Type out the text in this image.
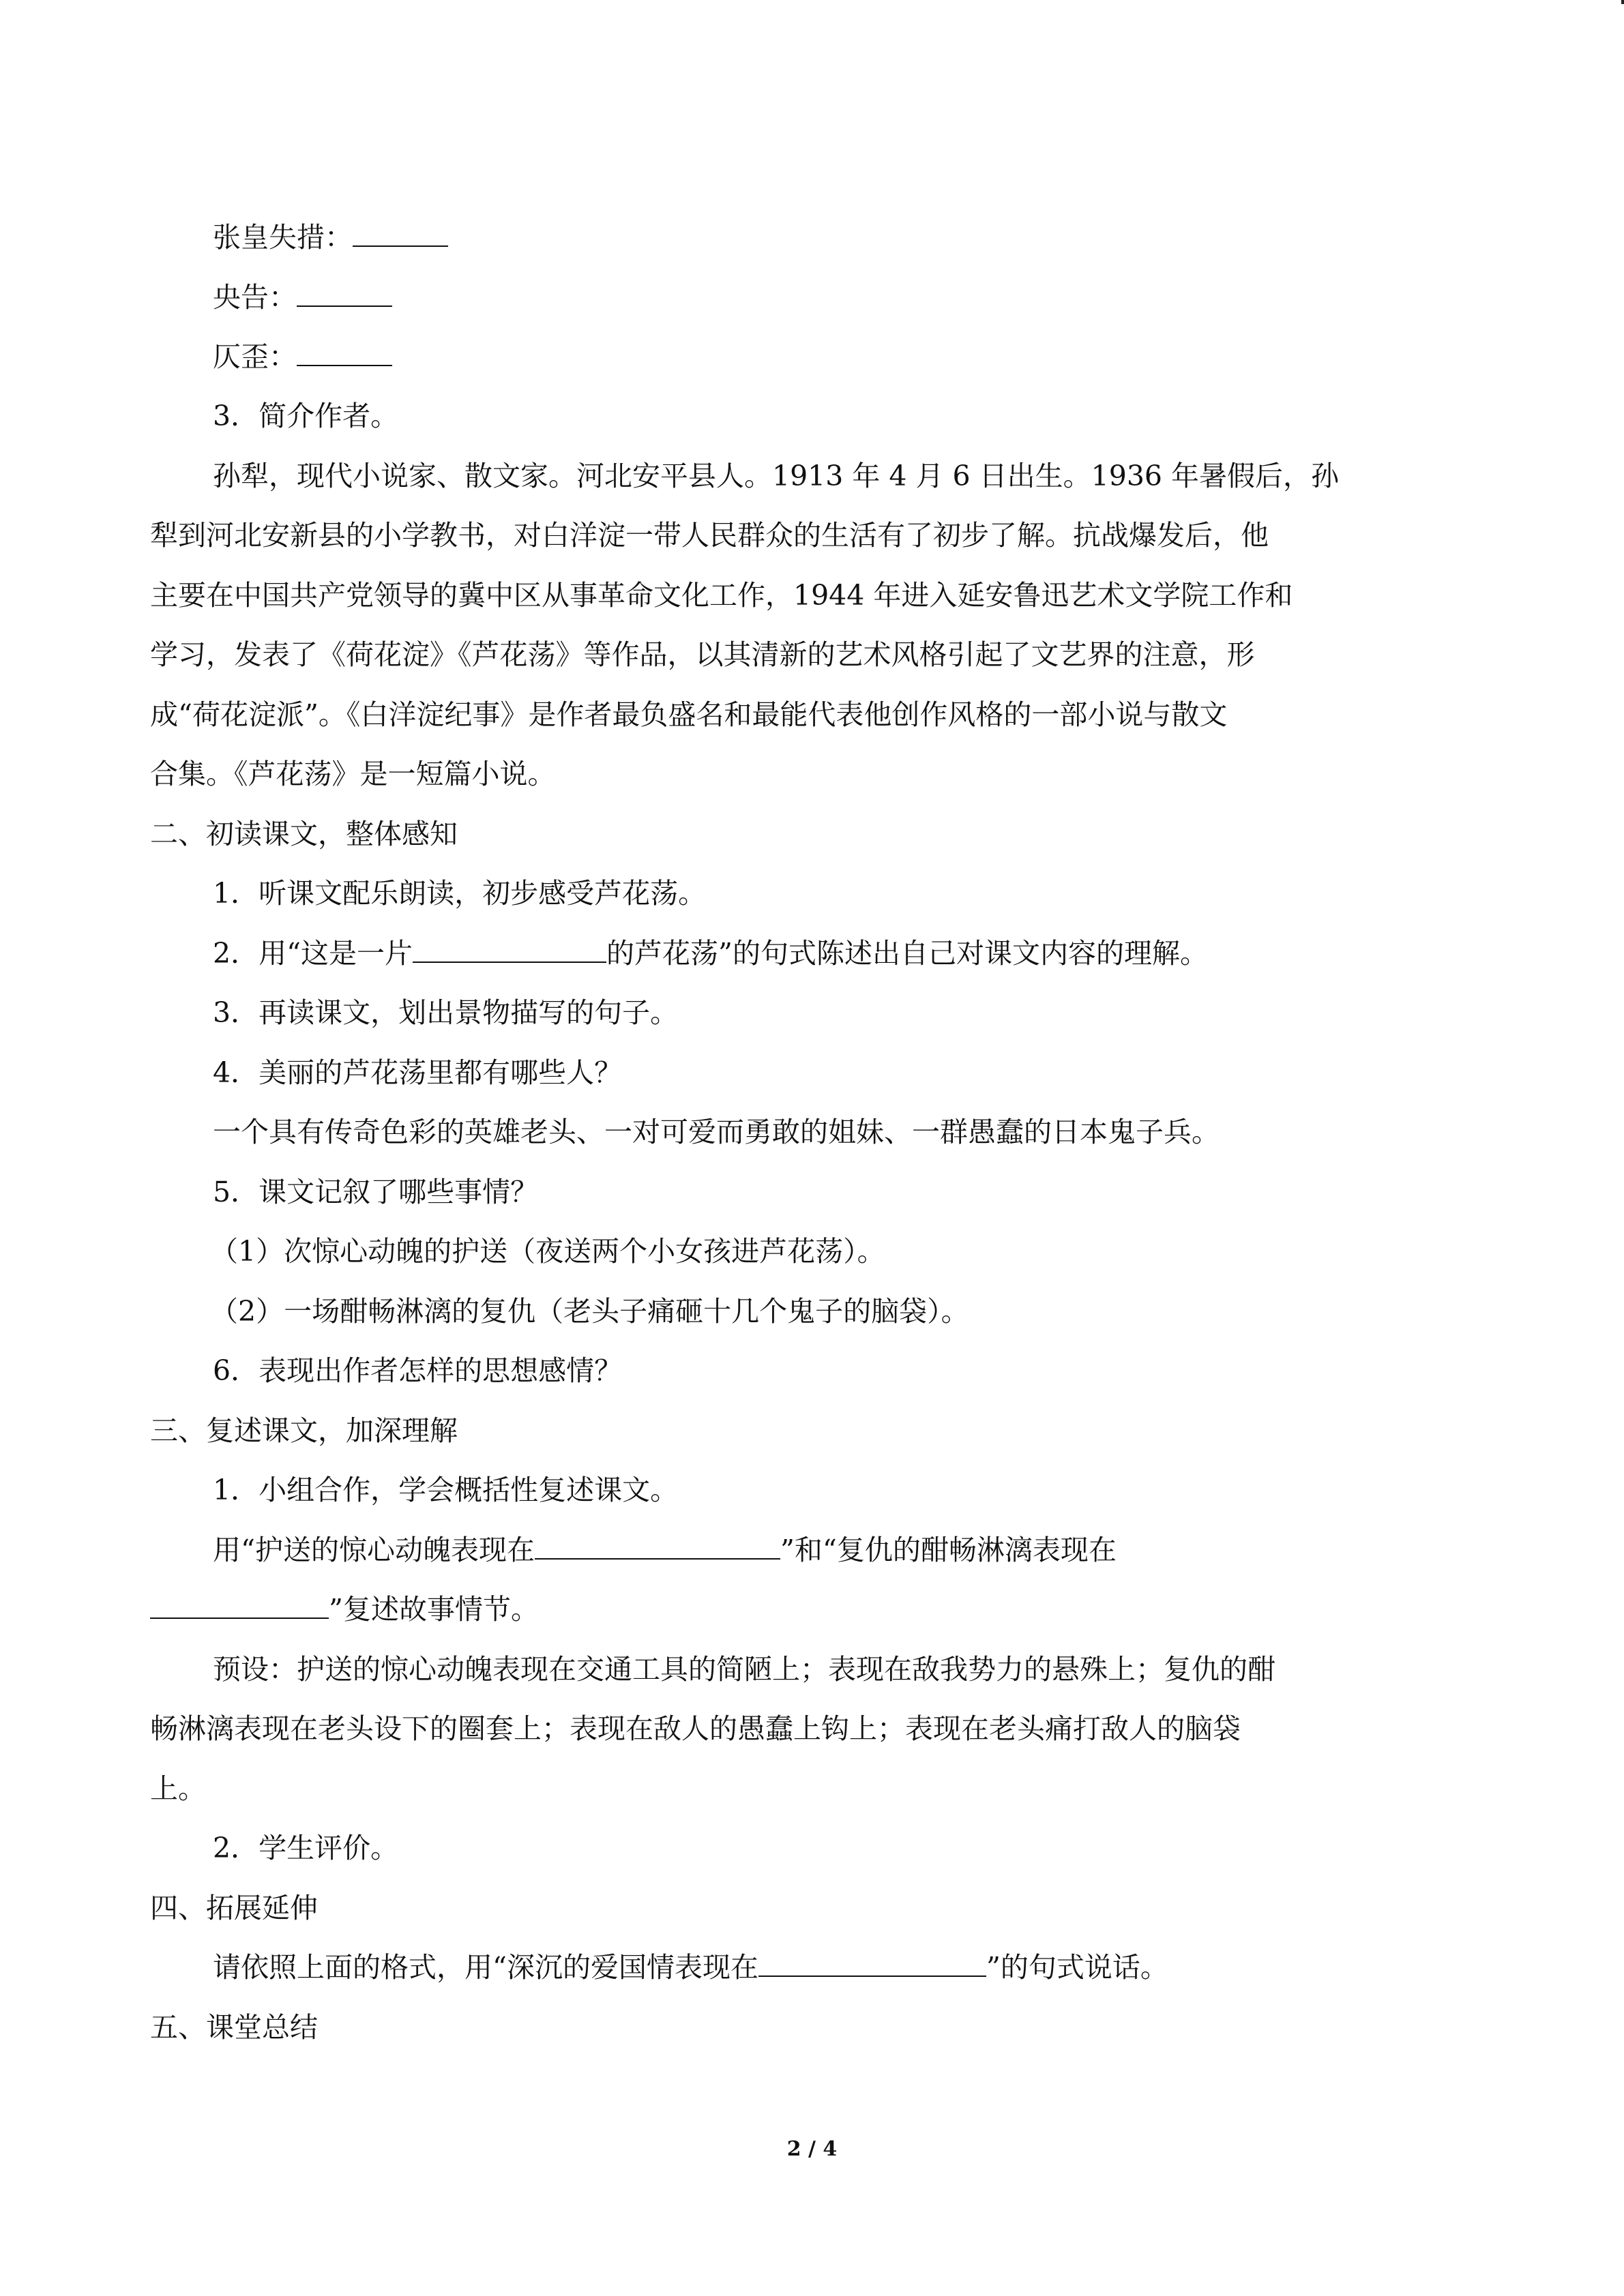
张皇失措：
央告：
仄歪：
3．简介作者。
孙犁，现代小说家、散文家。河北安平县人。1913 年 4 月 6 日出生。1936 年暑假后，孙
犁到河北安新县的小学教书，对白洋淀一带人民群众的生活有了初步了解。抗战爆发后，他
主要在中国共产党领导的冀中区从事革命文化工作，1944 年进入延安鲁迅艺术文学院工作和
学习，发表了《荷花淀》《芦花荡》等作品，以其清新的艺术风格引起了文艺界的注意，形
成“荷花淀派”。《白洋淀纪事》是作者最负盛名和最能代表他创作风格的一部小说与散文
合集。《芦花荡》是一短篇小说。
二、初读课文，整体感知
1．听课文配乐朗读，初步感受芦花荡。
2．用“这是一片	的芦花荡”的句式陈述出自己对课文内容的理解。
3．再读课文，划出景物描写的句子。
4．美丽的芦花荡里都有哪些人？
一个具有传奇色彩的英雄老头、一对可爱而勇敢的姐妹、一群愚蠢的日本鬼子兵。
5．课文记叙了哪些事情？
（1）次惊心动魄的护送（夜送两个小女孩进芦花荡）。
（2）一场酣畅淋漓的复仇（老头子痛砸十几个鬼子的脑袋）。
6．表现出作者怎样的思想感情？
三、复述课文，加深理解
1．小组合作，学会概括性复述课文。
用“护送的惊心动魄表现在	”和“复仇的酣畅淋漓表现在
”复述故事情节。
预设：护送的惊心动魄表现在交通工具的简陋上；表现在敌我势力的悬殊上；复仇的酣
畅淋漓表现在老头设下的圈套上；表现在敌人的愚蠢上钩上；表现在老头痛打敌人的脑袋
上。
2．学生评价。
四、拓展延伸
请依照上面的格式，用“深沉的爱国情表现在	”的句式说话。
五、课堂总结
2 / 4
